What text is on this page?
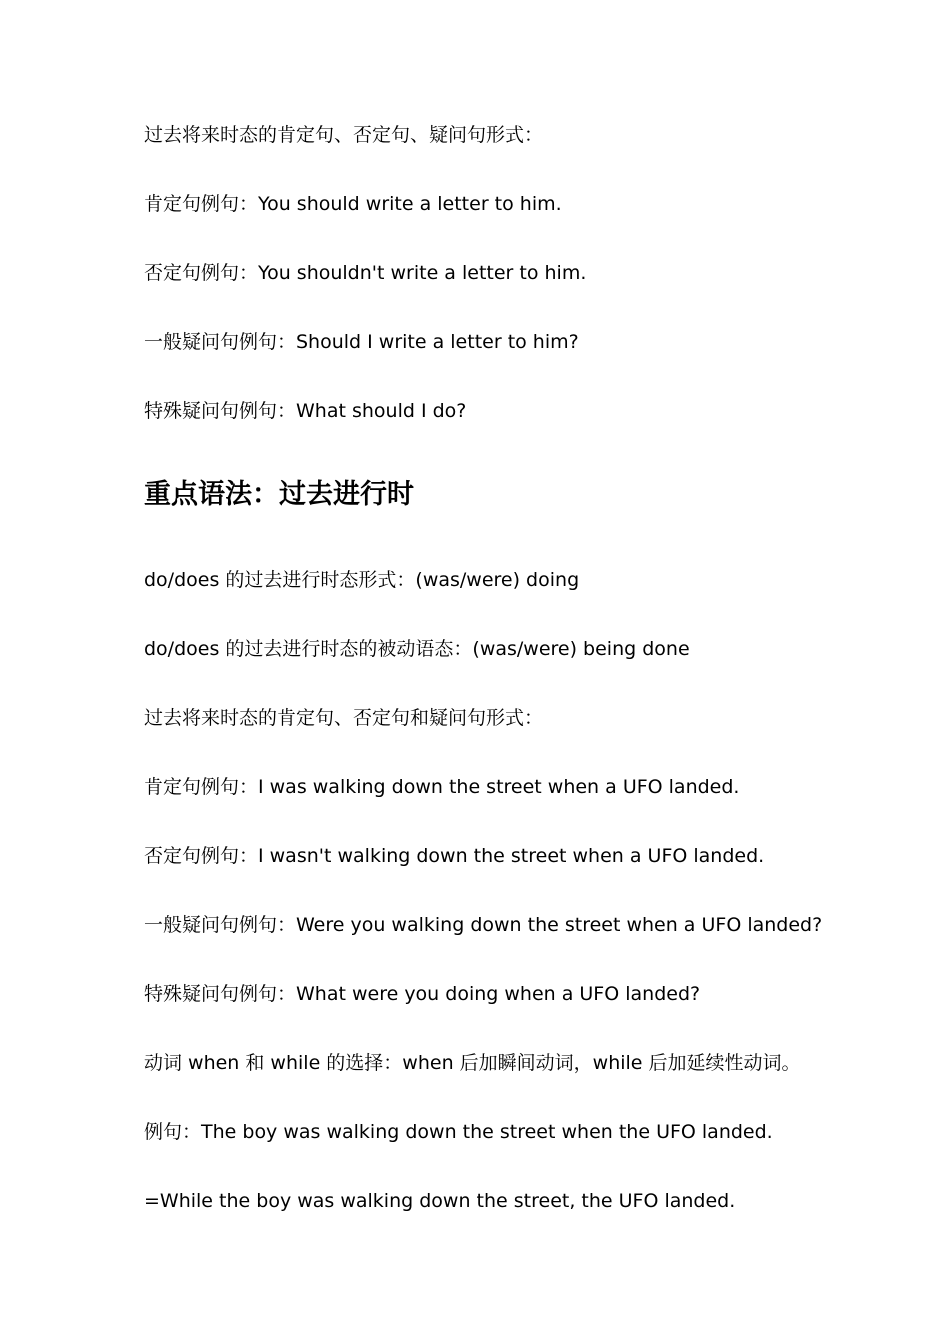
过去将来时态的肯定句、否定句、疑问句形式：
肯定句例句：You should write a letter to him.
否定句例句：You shouldn't write a letter to him.
一般疑问句例句：Should I write a letter to him?
特殊疑问句例句：What should I do?
重点语法：过去进行时
do/does 的过去进行时态形式：(was/were) doing
do/does 的过去进行时态的被动语态：(was/were) being done
过去将来时态的肯定句、否定句和疑问句形式：
肯定句例句：I was walking down the street when a UFO landed.
否定句例句：I wasn't walking down the street when a UFO landed.
一般疑问句例句：Were you walking down the street when a UFO landed?
特殊疑问句例句：What were you doing when a UFO landed?
动词 when 和 while 的选择：when 后加瞬间动词，while 后加延续性动词。
例句：The boy was walking down the street when the UFO landed.
=While the boy was walking down the street, the UFO landed.
